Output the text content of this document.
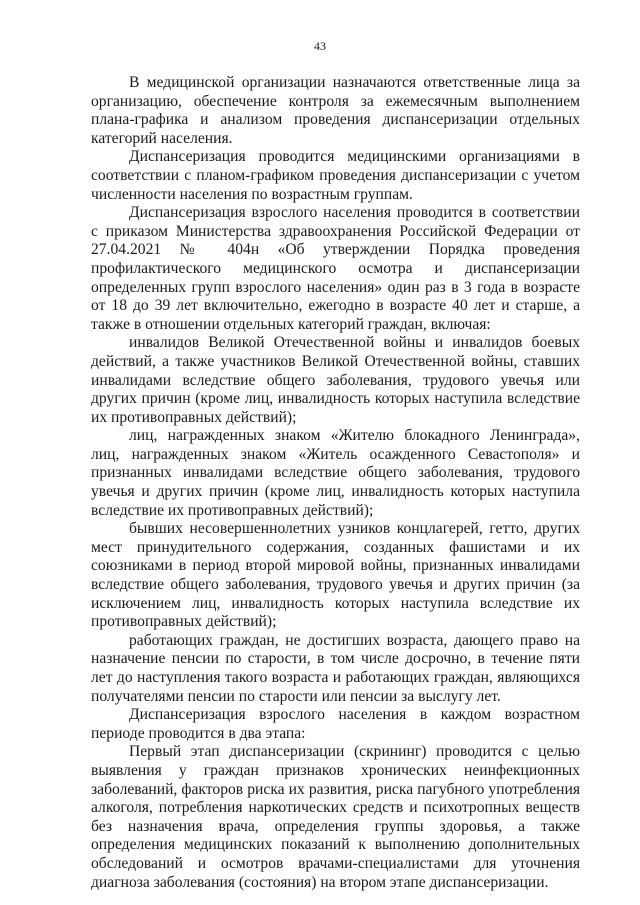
43

В медицинской организации назначаются ответственные лица за организацию, обеспечение контроля за ежемесячным выполнением плана-графика и анализом проведения диспансеризации отдельных категорий населения.

Диспансеризация проводится медицинскими организациями в соответствии с планом-графиком проведения диспансеризации с учетом численности населения по возрастным группам.

Диспансеризация взрослого населения проводится в соответствии с приказом Министерства здравоохранения Российской Федерации от 27.04.2021 № 404н «Об утверждении Порядка проведения профилактического медицинского осмотра и диспансеризации определенных групп взрослого населения» один раз в 3 года в возрасте от 18 до 39 лет включительно, ежегодно в возрасте 40 лет и старше, а также в отношении отдельных категорий граждан, включая:

инвалидов Великой Отечественной войны и инвалидов боевых действий, а также участников Великой Отечественной войны, ставших инвалидами вследствие общего заболевания, трудового увечья или других причин (кроме лиц, инвалидность которых наступила вследствие их противоправных действий);

лиц, награжденных знаком «Жителю блокадного Ленинграда», лиц, награжденных знаком «Житель осажденного Севастополя» и признанных инвалидами вследствие общего заболевания, трудового увечья и других причин (кроме лиц, инвалидность которых наступила вследствие их противоправных действий);

бывших несовершеннолетних узников концлагерей, гетто, других мест принудительного содержания, созданных фашистами и их союзниками в период второй мировой войны, признанных инвалидами вследствие общего заболевания, трудового увечья и других причин (за исключением лиц, инвалидность которых наступила вследствие их противоправных действий);

работающих граждан, не достигших возраста, дающего право на назначение пенсии по старости, в том числе досрочно, в течение пяти лет до наступления такого возраста и работающих граждан, являющихся получателями пенсии по старости или пенсии за выслугу лет.

Диспансеризация взрослого населения в каждом возрастном периоде проводится в два этапа:

Первый этап диспансеризации (скрининг) проводится с целью выявления у граждан признаков хронических неинфекционных заболеваний, факторов риска их развития, риска пагубного употребления алкоголя, потребления наркотических средств и психотропных веществ без назначения врача, определения группы здоровья, а также определения медицинских показаний к выполнению дополнительных обследований и осмотров врачами-специалистами для уточнения диагноза заболевания (состояния) на втором этапе диспансеризации.
